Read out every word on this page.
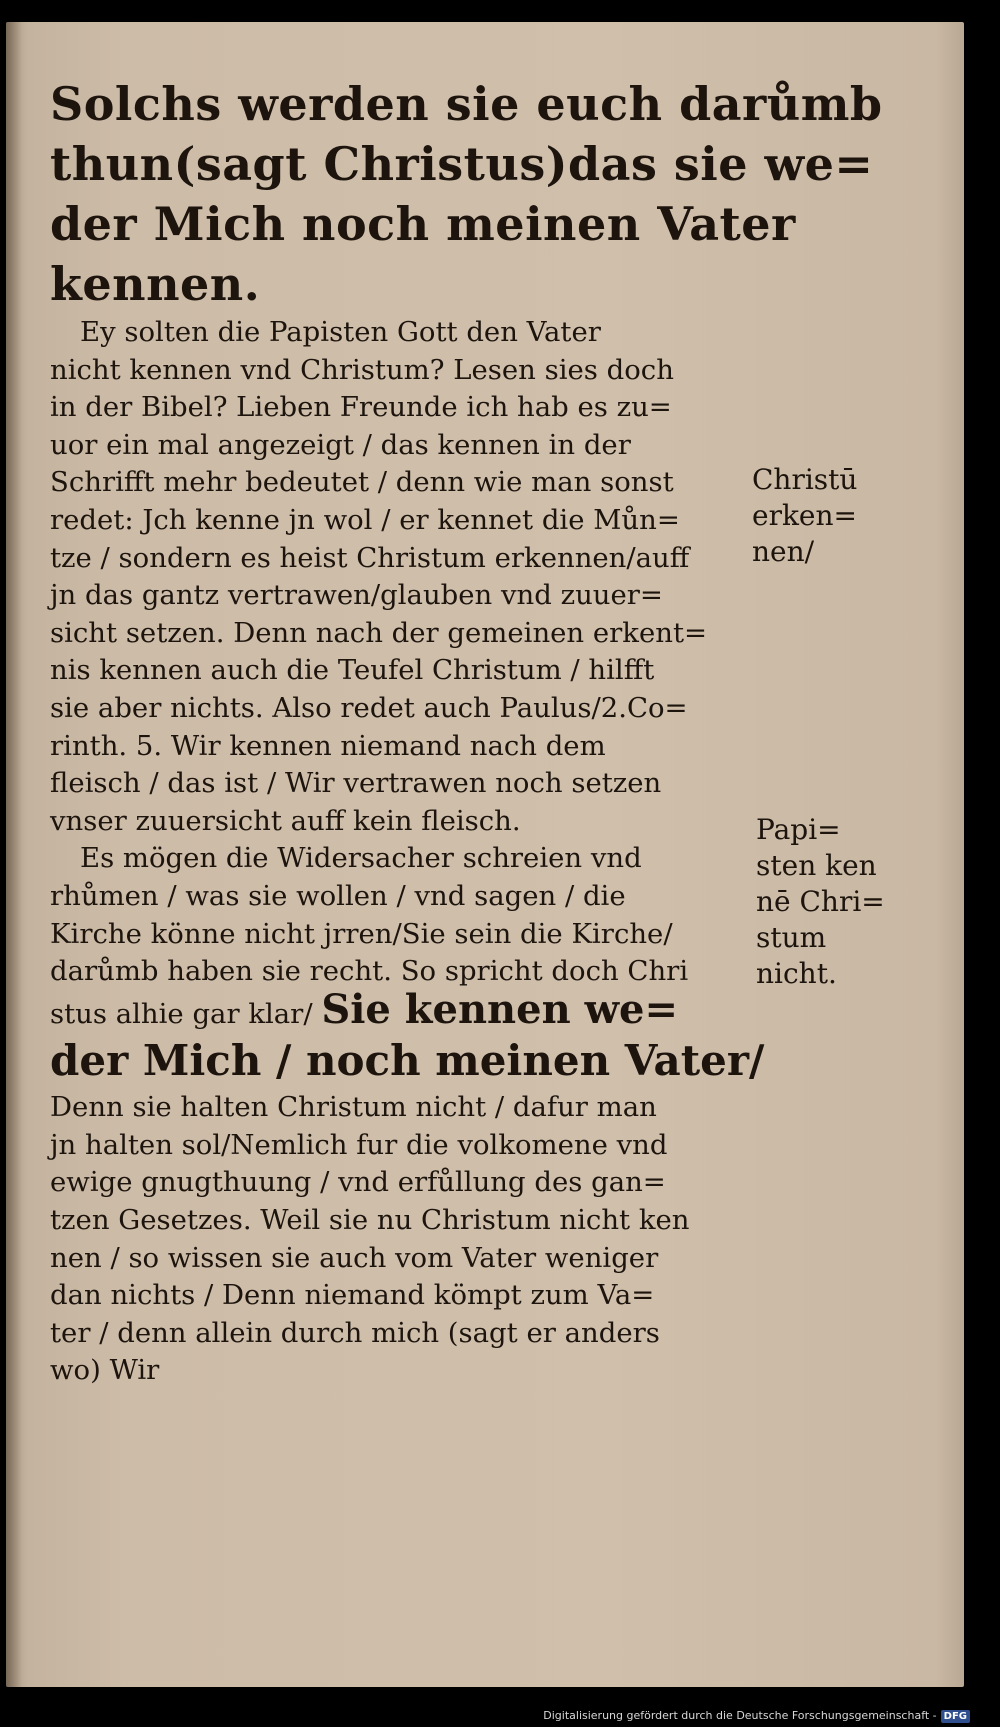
Solchs werden sie euch darůmb
thun(sagt Christus)das sie we=
der Mich noch meinen Vater
kennen.
Ey solten die Papisten Gott den Vater
nicht kennen vnd Christum? Lesen sies doch
in der Bibel? Lieben Freunde ich hab es zu=
uor ein mal angezeigt / das kennen in der
Schrifft mehr bedeutet / denn wie man sonst
redet: Jch kenne jn wol / er kennet die Můn=
tze / sondern es heist Christum erkennen/auff
jn das gantz vertrawen/glauben vnd zuuer=
sicht setzen. Denn nach der gemeinen erkent=
nis kennen auch die Teufel Christum / hilfft
sie aber nichts. Also redet auch Paulus/2.Co=
rinth. 5. Wir kennen niemand nach dem
fleisch / das ist / Wir vertrawen noch setzen
vnser zuuersicht auff kein fleisch.
Es mögen die Widersacher schreien vnd
rhůmen / was sie wollen / vnd sagen / die
Kirche könne nicht jrren/Sie sein die Kirche/
darůmb haben sie recht. So spricht doch Chri
stus alhie gar klar/ Sie kennen we=
der Mich / noch meinen Vater/
Denn sie halten Christum nicht / dafur man
jn halten sol/Nemlich fur die volkomene vnd
ewige gnugthuung / vnd erfůllung des gan=
tzen Gesetzes. Weil sie nu Christum nicht ken
nen / so wissen sie auch vom Vater weniger
dan nichts / Denn niemand kömpt zum Va=
ter / denn allein durch mich (sagt er anders
wo) Wir
Christū
erken=
nen/
Papi=
sten ken
nē Chri=
stum
nicht.
Digitalisierung gefördert durch die Deutsche Forschungsgemeinschaft - DFG
